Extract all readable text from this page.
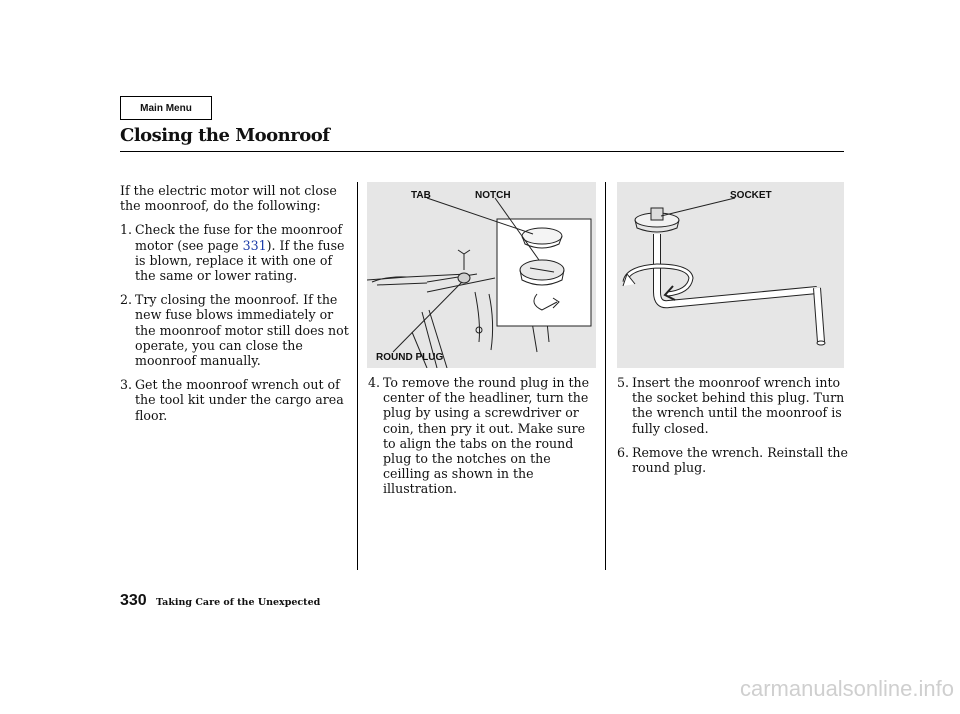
Main Menu
Closing the Moonroof
If the electric motor will not close the moonroof, do the following:
1. Check the fuse for the moonroof motor (see page 331). If the fuse is blown, replace it with one of the same or lower rating.
2. Try closing the moonroof. If the new fuse blows immediately or the moonroof motor still does not operate, you can close the moonroof manually.
3. Get the moonroof wrench out of the tool kit under the cargo area floor.
TAB	NOTCH
ROUND PLUG
4. To remove the round plug in the center of the headliner, turn the plug by using a screwdriver or coin, then pry it out. Make sure to align the tabs on the round plug to the notches on the ceilling as shown in the illustration.
SOCKET
5. Insert the moonroof wrench into the socket behind this plug. Turn the wrench until the moonroof is fully closed.
6. Remove the wrench. Reinstall the round plug.
330 Taking Care of the Unexpected
carmanualsonline.info
